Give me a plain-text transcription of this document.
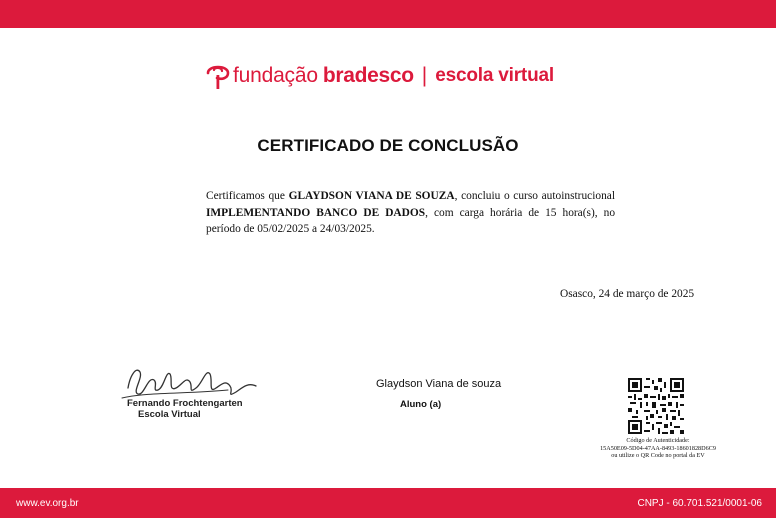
fundação bradesco | escola virtual
CERTIFICADO DE CONCLUSÃO
Certificamos que GLAYDSON VIANA DE SOUZA, concluiu o curso autoinstrucional IMPLEMENTANDO BANCO DE DADOS, com carga horária de 15 hora(s), no período de 05/02/2025 a 24/03/2025.
Osasco, 24 de março de 2025
Fernando Frochtengarten
Escola Virtual
Glaydson Viana de souza
Aluno (a)
Código de Autenticidade:
15A50E09-5D04-47AA-8493-18601828D6C9
ou utilize o QR Code no portal da EV
www.ev.org.br	CNPJ - 60.701.521/0001-06
